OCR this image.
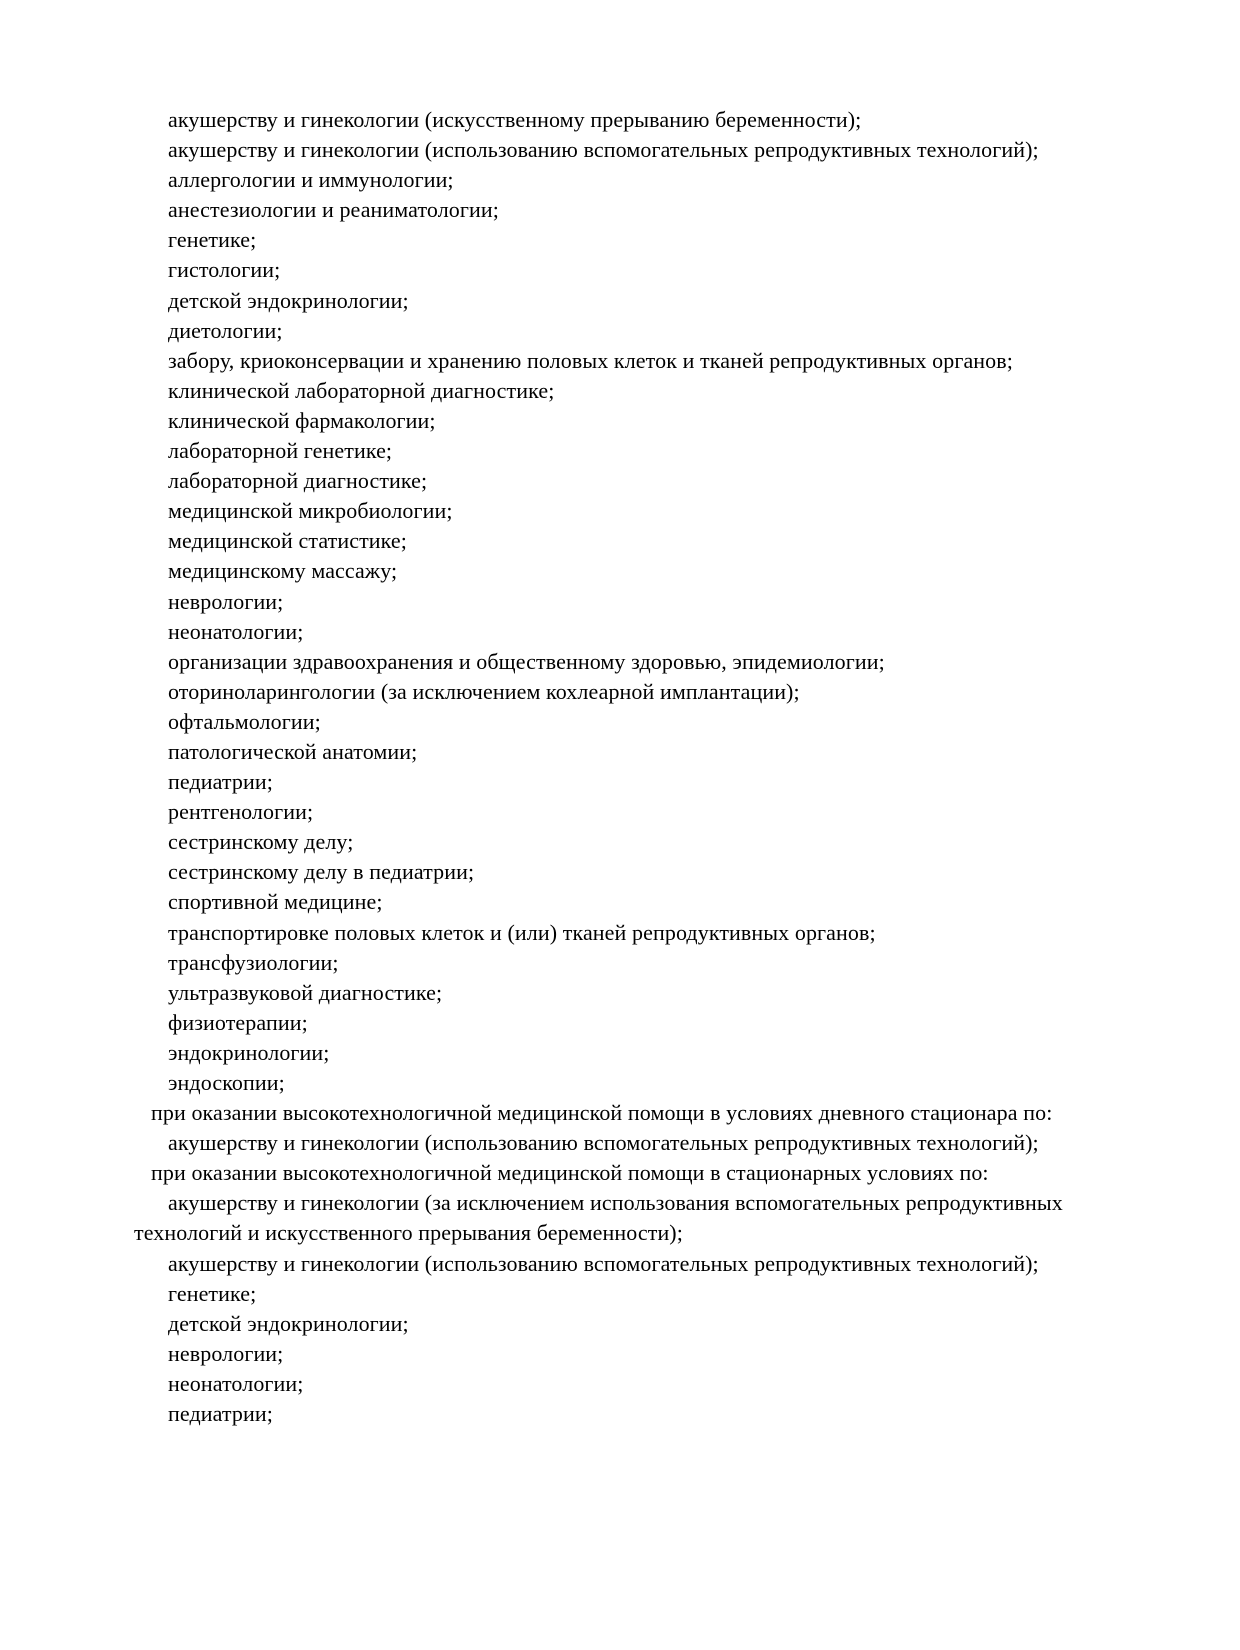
акушерству и гинекологии (искусственному прерыванию беременности);
акушерству и гинекологии (использованию вспомогательных репродуктивных технологий);
аллергологии и иммунологии;
анестезиологии и реаниматологии;
генетике;
гистологии;
детской эндокринологии;
диетологии;
забору, криоконсервации и хранению половых клеток и тканей репродуктивных органов;
клинической лабораторной диагностике;
клинической фармакологии;
лабораторной генетике;
лабораторной диагностике;
медицинской микробиологии;
медицинской статистике;
медицинскому массажу;
неврологии;
неонатологии;
организации здравоохранения и общественному здоровью, эпидемиологии;
оториноларингологии (за исключением кохлеарной имплантации);
офтальмологии;
патологической анатомии;
педиатрии;
рентгенологии;
сестринскому делу;
сестринскому делу в педиатрии;
спортивной медицине;
транспортировке половых клеток и (или) тканей репродуктивных органов;
трансфузиологии;
ультразвуковой диагностике;
физиотерапии;
эндокринологии;
эндоскопии;
при оказании высокотехнологичной медицинской помощи в условиях дневного стационара по:
акушерству и гинекологии (использованию вспомогательных репродуктивных технологий);
при оказании высокотехнологичной медицинской помощи в стационарных условиях по:
акушерству и гинекологии (за исключением использования вспомогательных репродуктивных
технологий и искусственного прерывания беременности);
акушерству и гинекологии (использованию вспомогательных репродуктивных технологий);
генетике;
детской эндокринологии;
неврологии;
неонатологии;
педиатрии;
